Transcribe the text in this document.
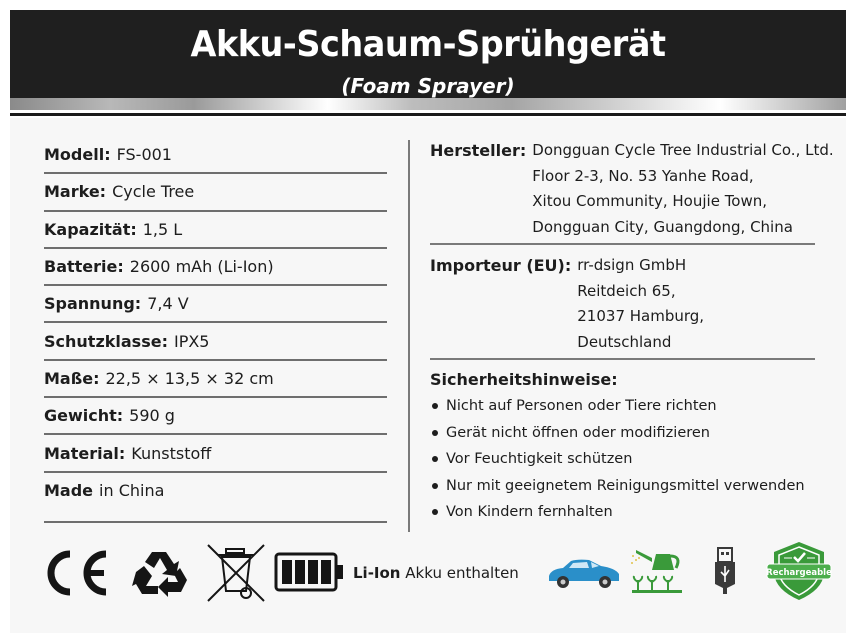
Akku-Schaum-Sprühgerät
(Foam Sprayer)
Modell: FS-001
Marke: Cycle Tree
Kapazität: 1,5 L
Batterie: 2600 mAh (Li-Ion)
Spannung: 7,4 V
Schutzklasse: IPX5
Maße: 22,5 × 13,5 × 32 cm
Gewicht: 590 g
Material: Kunststoff
Made in China
Hersteller: Dongguan Cycle Tree Industrial Co., Ltd.
Floor 2-3, No. 53 Yanhe Road,
Xitou Community, Houjie Town,
Dongguan City, Guangdong, China
Importeur (EU): rr-dsign GmbH
Reitdeich 65,
21037 Hamburg,
Deutschland
Sicherheitshinweise:
Nicht auf Personen oder Tiere richten
Gerät nicht öffnen oder modifizieren
Vor Feuchtigkeit schützen
Nur mit geeignetem Reinigungsmittel verwenden
Von Kindern fernhalten
Li-Ion Akku enthalten	Rechargeable
